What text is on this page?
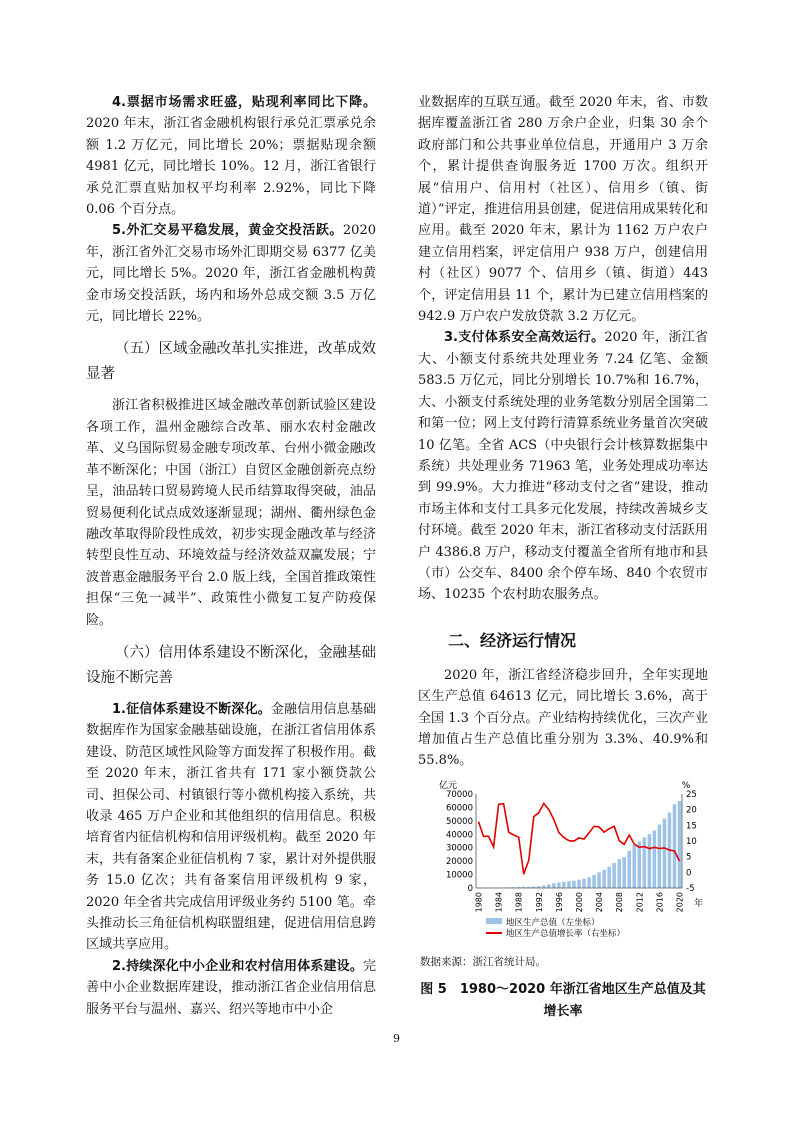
4.票据市场需求旺盛，贴现利率同比下降。2020 年末，浙江省金融机构银行承兑汇票承兑余额 1.2 万亿元，同比增长 20%；票据贴现余额 4981 亿元，同比增长 10%。12 月，浙江省银行承兑汇票直贴加权平均利率 2.92%，同比下降 0.06 个百分点。

5.外汇交易平稳发展，黄金交投活跃。2020 年，浙江省外汇交易市场外汇即期交易 6377 亿美元，同比增长 5%。2020 年，浙江省金融机构黄金市场交投活跃，场内和场外总成交额 3.5 万亿元，同比增长 22%。

（五）区域金融改革扎实推进，改革成效显著

浙江省积极推进区域金融改革创新试验区建设各项工作，温州金融综合改革、丽水农村金融改革、义乌国际贸易金融专项改革、台州小微金融改革不断深化；中国（浙江）自贸区金融创新亮点纷呈，油品转口贸易跨境人民币结算取得突破，油品贸易便利化试点成效逐渐显现；湖州、衢州绿色金融改革取得阶段性成效，初步实现金融改革与经济转型良性互动、环境效益与经济效益双赢发展；宁波普惠金融服务平台 2.0 版上线，全国首推政策性担保“三免一减半”、政策性小微复工复产防疫保险。

（六）信用体系建设不断深化，金融基础设施不断完善

1.征信体系建设不断深化。金融信用信息基础数据库作为国家金融基础设施，在浙江省信用体系建设、防范区域性风险等方面发挥了积极作用。截至 2020 年末，浙江省共有 171 家小额贷款公司、担保公司、村镇银行等小微机构接入系统，共收录 465 万户企业和其他组织的信用信息。积极培育省内征信机构和信用评级机构。截至 2020 年末，共有备案企业征信机构 7 家，累计对外提供服务 15.0 亿次；共有备案信用评级机构 9 家，2020 年全省共完成信用评级业务约 5100 笔。牵头推动长三角征信机构联盟组建，促进信用信息跨区域共享应用。

2.持续深化中小企业和农村信用体系建设。完善中小企业数据库建设，推动浙江省企业信用信息服务平台与温州、嘉兴、绍兴等地市中小企

业数据库的互联互通。截至 2020 年末，省、市数据库覆盖浙江省 280 万余户企业，归集 30 余个政府部门和公共事业单位信息，开通用户 3 万余个，累计提供查询服务近 1700 万次。组织开展“信用户、信用村（社区）、信用乡（镇、街道）”评定，推进信用县创建，促进信用成果转化和应用。截至 2020 年末，累计为 1162 万户农户建立信用档案，评定信用户 938 万户，创建信用村（社区）9077 个、信用乡（镇、街道）443 个，评定信用县 11 个，累计为已建立信用档案的 942.9 万户农户发放贷款 3.2 万亿元。

3.支付体系安全高效运行。2020 年，浙江省大、小额支付系统共处理业务 7.24 亿笔、金额 583.5 万亿元，同比分别增长 10.7%和 16.7%，大、小额支付系统处理的业务笔数分别居全国第二和第一位；网上支付跨行清算系统业务量首次突破 10 亿笔。全省 ACS（中央银行会计核算数据集中系统）共处理业务 71963 笔，业务处理成功率达到 99.9%。大力推进“移动支付之省”建设，推动市场主体和支付工具多元化发展，持续改善城乡支付环境。截至 2020 年末，浙江省移动支付活跃用户 4386.8 万户，移动支付覆盖全省所有地市和县（市）公交车、8400 余个停车场、840 个农贸市场、10235 个农村助农服务点。

二、经济运行情况

2020 年，浙江省经济稳步回升，全年实现地区生产总值 64613 亿元，同比增长 3.6%，高于全国 1.3 个百分点。产业结构持续优化，三次产业增加值占生产总值比重分别为 3.3%、40.9%和 55.8%。

亿元	%
0
10000
20000
30000
40000
50000
60000
70000
-5
0
5
10
15
20
25
1980 1984 1988 1992 1996 2000 2004 2008 2012 2016 2020 年
地区生产总值（左坐标）
地区生产总值增长率（右坐标）
数据来源：浙江省统计局。
图 5　1980～2020 年浙江省地区生产总值及其增长率
9
